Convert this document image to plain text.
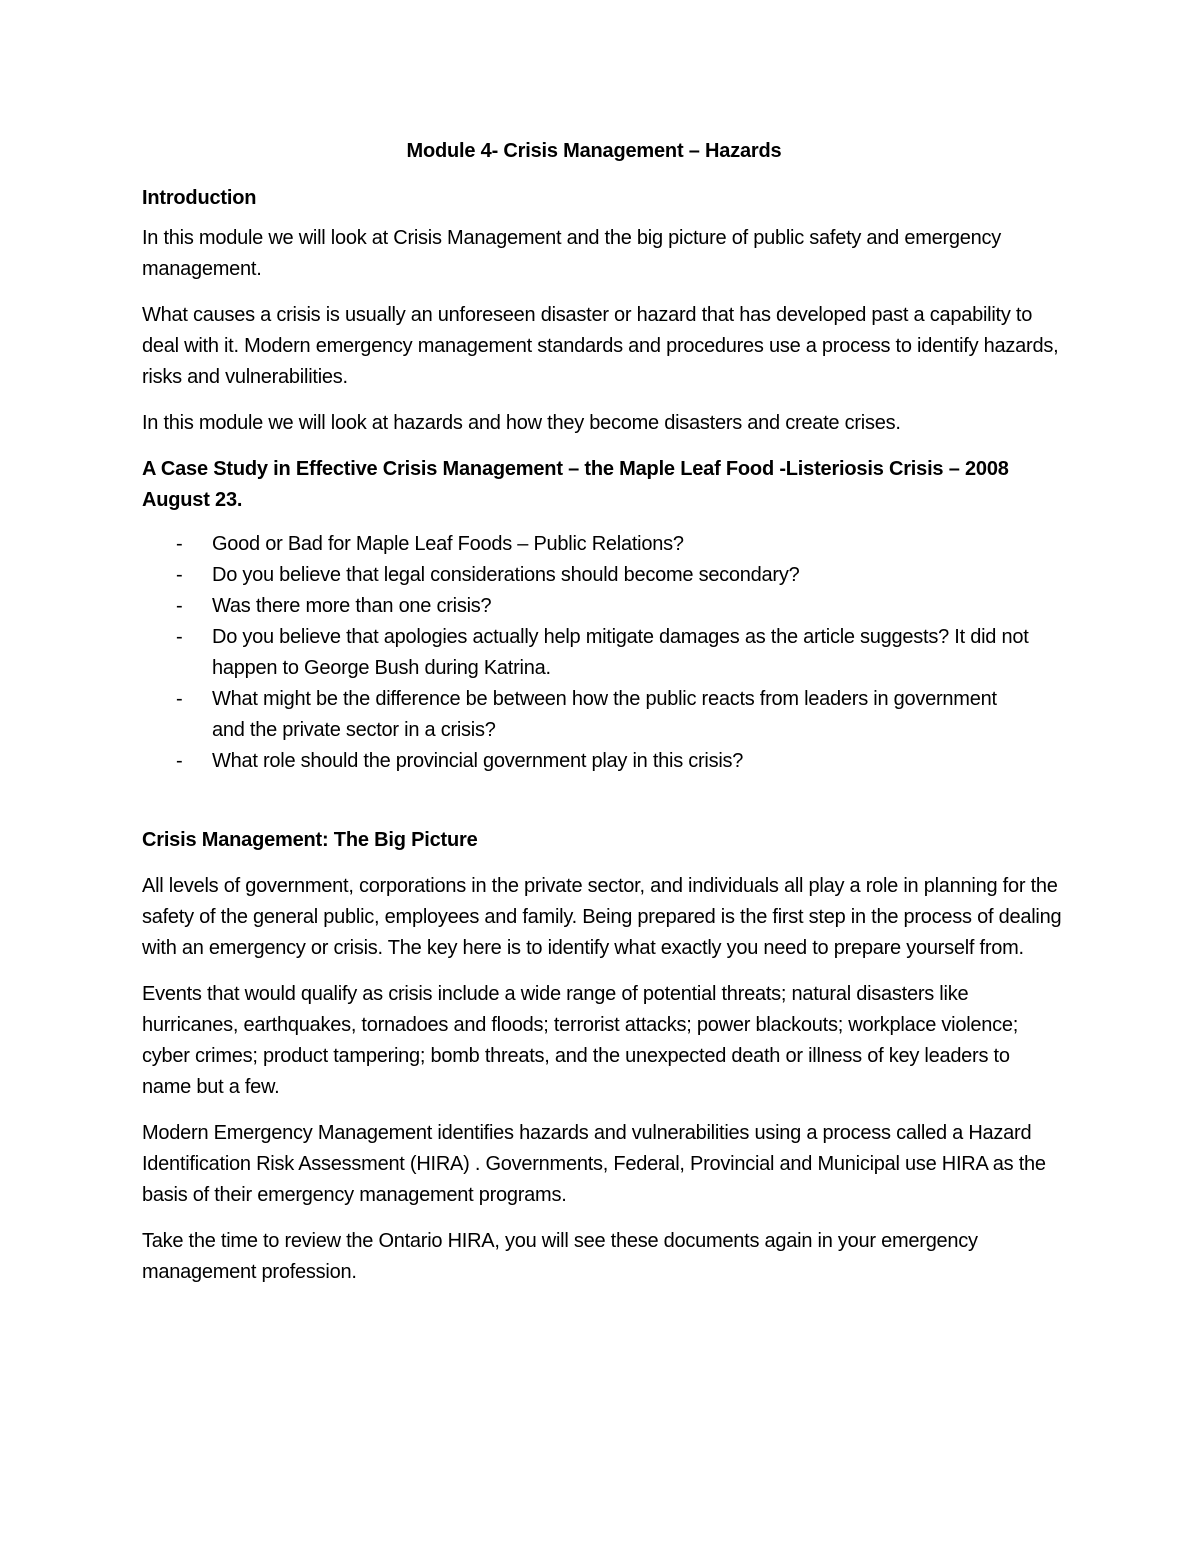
Module 4- Crisis Management – Hazards
Introduction

In this module we will look at Crisis Management and the big picture of public safety and emergency management.

What causes a crisis is usually an unforeseen disaster or hazard that has developed past a capability to deal with it. Modern emergency management standards and procedures use a process to identify hazards, risks and vulnerabilities.

In this module we will look at hazards and how they become disasters and create crises.

A Case Study in Effective Crisis Management – the Maple Leaf Food -Listeriosis Crisis – 2008 August 23.
- Good or Bad for Maple Leaf Foods – Public Relations?
- Do you believe that legal considerations should become secondary?
- Was there more than one crisis?
- Do you believe that apologies actually help mitigate damages as the article suggests? It did not happen to George Bush during Katrina.
- What might be the difference be between how the public reacts from leaders in government        and the private sector in a crisis?
- What role should the provincial government play in this crisis?
Crisis Management: The Big Picture

All levels of government, corporations in the private sector, and individuals all play a role in planning for the safety of the general public, employees and family. Being prepared is the first step in the process of dealing with an emergency or crisis. The key here is to identify what exactly you need to prepare yourself from.

Events that would qualify as crisis include a wide range of potential threats; natural disasters like hurricanes, earthquakes, tornadoes and floods; terrorist attacks; power blackouts; workplace violence; cyber crimes; product tampering; bomb threats, and the unexpected death or illness of key leaders to name but a few.

Modern Emergency Management identifies hazards and vulnerabilities using a process called a Hazard Identification Risk Assessment (HIRA) . Governments, Federal, Provincial and Municipal use HIRA as the basis of their emergency management programs.

Take the time to review the Ontario HIRA, you will see these documents again in your emergency management profession.
